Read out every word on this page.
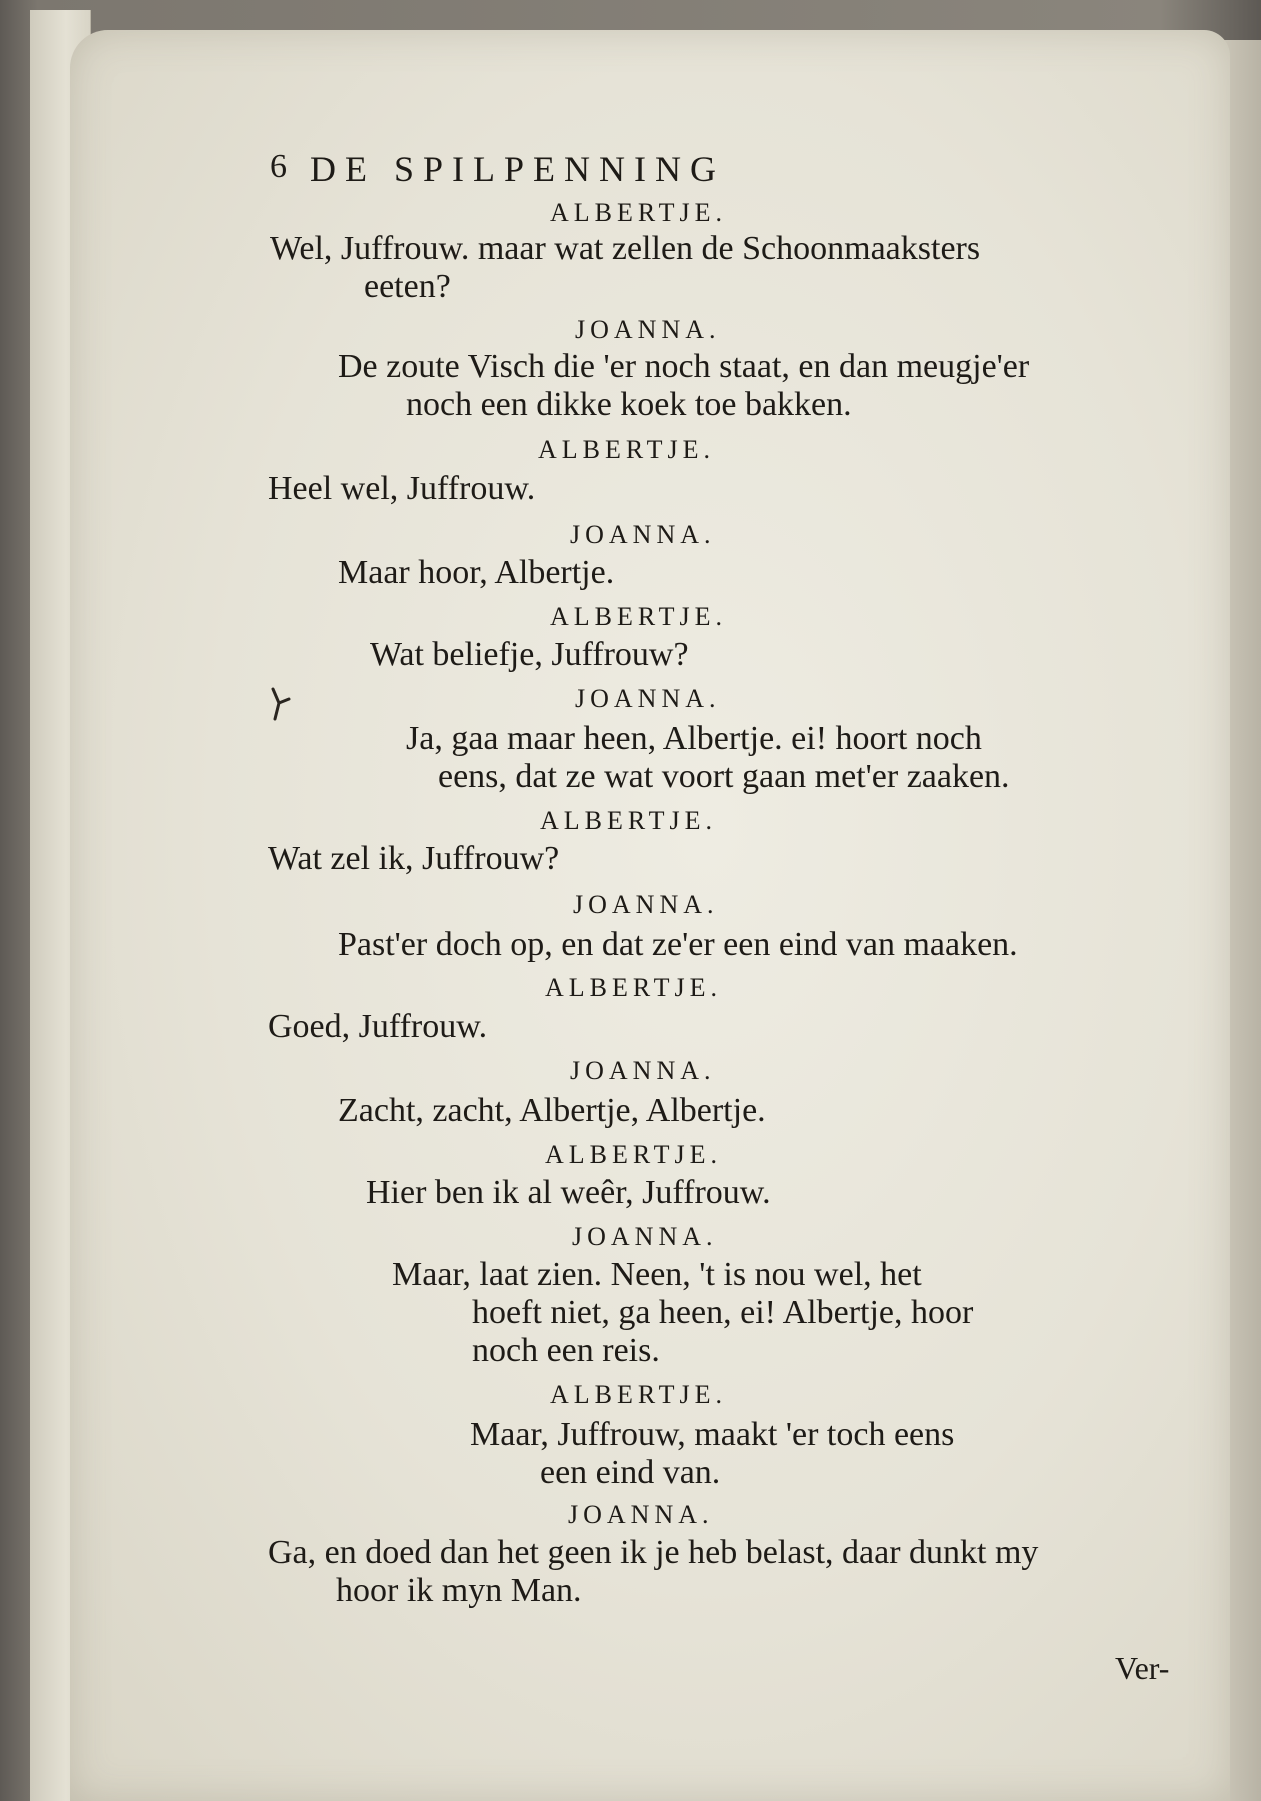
6 DE SPILPENNING
ALBERTJE.
Wel, Juffrouw. maar wat zellen de Schoonmaaksters
eeten?
JOANNA.
De zoute Visch die 'er noch staat, en dan meugje'er
noch een dikke koek toe bakken.
ALBERTJE.
Heel wel, Juffrouw.
JOANNA.
Maar hoor, Albertje.
ALBERTJE.
Wat beliefje, Juffrouw?
JOANNA.
Ja, gaa maar heen, Albertje. ei! hoort noch
eens, dat ze wat voort gaan met'er zaaken.
ALBERTJE.
Wat zel ik, Juffrouw?
JOANNA.
Past'er doch op, en dat ze'er een eind van maaken.
ALBERTJE.
Goed, Juffrouw.
JOANNA.
Zacht, zacht, Albertje, Albertje.
ALBERTJE.
Hier ben ik al weêr, Juffrouw.
JOANNA.
Maar, laat zien. Neen, 't is nou wel, het
hoeft niet, ga heen, ei! Albertje, hoor
noch een reis.
ALBERTJE.
Maar, Juffrouw, maakt 'er toch eens
een eind van.
JOANNA.
Ga, en doed dan het geen ik je heb belast, daar dunkt my
hoor ik myn Man.
Ver-
